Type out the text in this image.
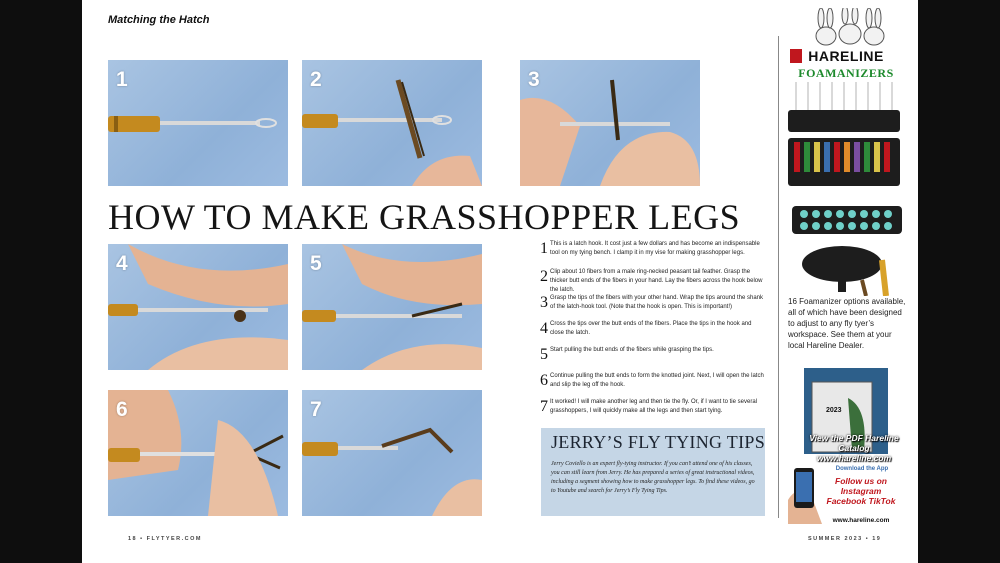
Matching the Hatch
1	2	3
HOW TO MAKE GRASSHOPPER LEGS
4	5
6	7
1 This is a latch hook. It cost just a few dollars and has become an indispensable tool on my tying bench. I clamp it in my vise for making grasshopper legs.
2 Clip about 10 fibers from a male ring-necked peasant tail feather. Grasp the thicker butt ends of the fibers in your hand. Lay the fibers across the hook below the latch.
3 Grasp the tips of the fibers with your other hand. Wrap the tips around the shank of the latch-hook tool. (Note that the hook is open. This is important!)
4 Cross the tips over the butt ends of the fibers. Place the tips in the hook and close the latch.
5 Start pulling the butt ends of the fibers while grasping the tips.
6 Continue pulling the butt ends to form the knotted joint. Next, I will open the latch and slip the leg off the hook.
7 It worked! I will make another leg and then tie the fly. Or, if I want to tie several grasshoppers, I will quickly make all the legs and then start tying.
JERRY’S FLY TYING TIPS
Jerry Coviello is an expert fly-tying instructor. If you can’t attend one of his classes, you can still learn from Jerry. He has prepared a series of great instructional videos, including a segment showing how to make grasshopper legs. To find these videos, go to Youtube and search for Jerry’s Fly Tying Tips.
18 • FLYTYER.COM	SUMMER 2023 • 19
HARELINE
FOAMANIZERS
16 Foamanizer options available, all of which have been designed to adjust to any fly tyer’s workspace. See them at your local Hareline Dealer.
2023
View the PDF Hareline Catalog www.hareline.com
Download the App
Follow us on Instagram Facebook TikTok
www.hareline.com
